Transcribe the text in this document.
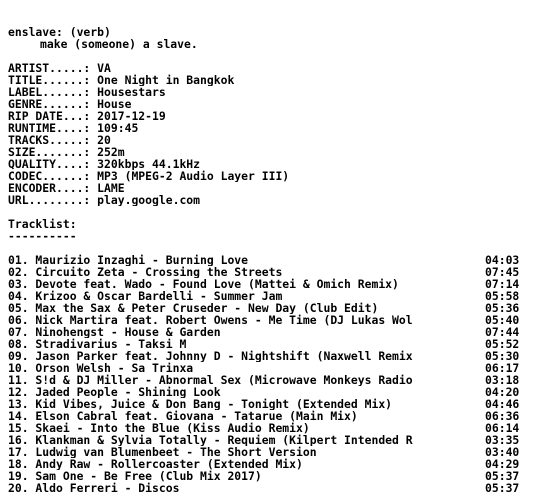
enslave: (verb)
make (someone) a slave.
ARTIST.....: VA
TITLE......: One Night in Bangkok
LABEL......: Housestars
GENRE......: House
RIP DATE...: 2017-12-19
RUNTIME....: 109:45
TRACKS.....: 20
SIZE.......: 252m
QUALITY....: 320kbps 44.1kHz
CODEC......: MP3 (MPEG-2 Audio Layer III)
ENCODER....: LAME
URL........: play.google.com
Tracklist:
----------
01. Maurizio Inzaghi - Burning Love	04:03
02. Circuito Zeta - Crossing the Streets	07:45
03. Devote feat. Wado - Found Love (Mattei & Omich Remix)	07:14
04. Krizoo & Oscar Bardelli - Summer Jam	05:58
05. Max the Sax & Peter Cruseder - New Day (Club Edit)	05:36
06. Nick Martira feat. Robert Owens - Me Time (DJ Lukas Wol	05:40
07. Ninohengst - House & Garden	07:44
08. Stradivarius - Taksi M	05:52
09. Jason Parker feat. Johnny D - Nightshift (Naxwell Remix	05:30
10. Orson Welsh - Sa Trinxa	06:17
11. S!d & DJ Miller - Abnormal Sex (Microwave Monkeys Radio	03:18
12. Jaded People - Shining Look	04:20
13. Kid Vibes, Juice & Don Bang - Tonight (Extended Mix)	04:46
14. Elson Cabral feat. Giovana - Tatarue (Main Mix)	06:36
15. Skaei - Into the Blue (Kiss Audio Remix)	06:14
16. Klankman & Sylvia Totally - Requiem (Kilpert Intended R	03:35
17. Ludwig van Blumenbeet - The Short Version	03:40
18. Andy Raw - Rollercoaster (Extended Mix)	04:29
19. Sam One - Be Free (Club Mix 2017)	05:37
20. Aldo Ferreri - Discos	05:37
